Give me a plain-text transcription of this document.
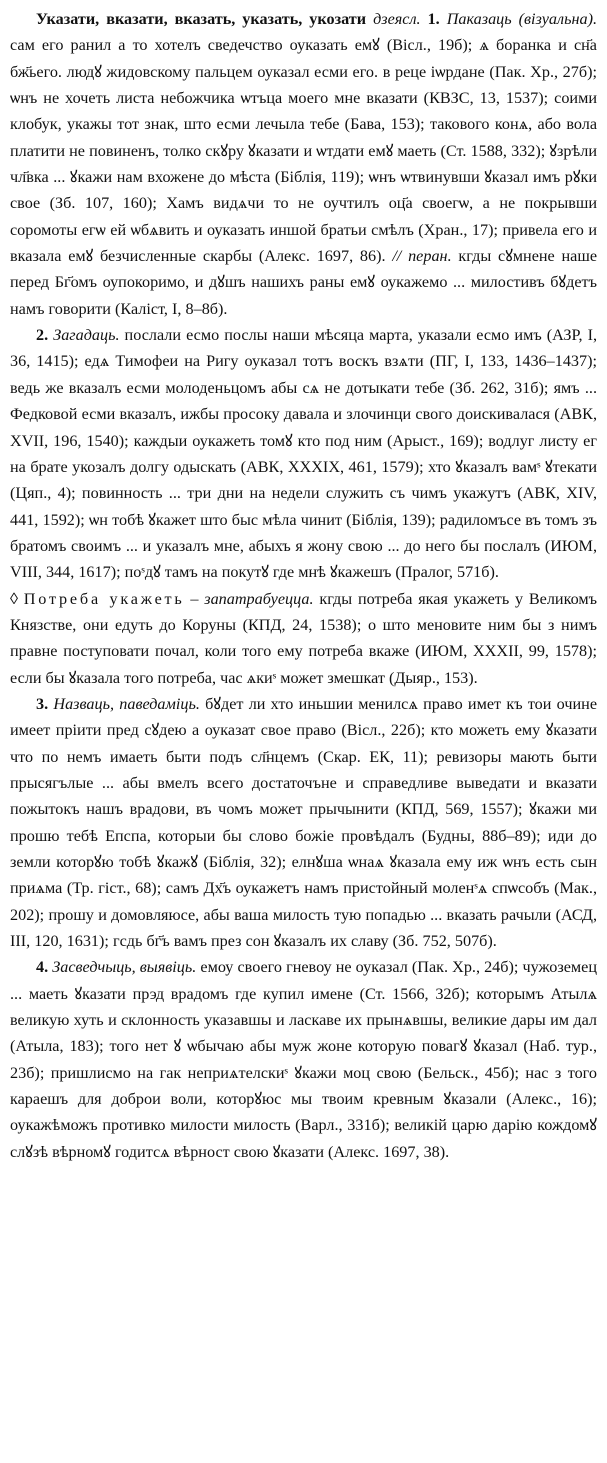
Указати, вказати, вказать, указать, укозати дзеясл. 1. Паказаць (візуальна). сам его ранил а то хотелъ сведечство оуказать емꙋ (Вісл., 19б); ѧ боранка и сн҃а бж҃ьего. людꙋ жидовскому пальцем оуказал есми его. в реце іѡрдане (Пак. Хр., 27б); ѡнъ не хочеть листа небожчика ѡтъца моего мне вказати (КВЗС, 13, 1537); соими клобук, укажы тот знак, што есми лечыла тебе (Бава, 153); такового конѧ, або вола платити не повиненъ, толко скꙋру ꙋказати и ѡтдати емꙋ маеть (Ст. 1588, 332); ꙋзрѣли чл҃вка ... ꙋкажи нам вхожене до мѣста (Біблія, 119); ѡнъ ѡтвинувши ꙋказал имъ рꙋки свое (Зб. 107, 160); Хамъ видѧчи то не оучтилъ оц҃а своегѡ, а не покрывши соромоты егѡ ей ѡбѧвить и оуказать иншой братьи смѣлъ (Хран., 17); привела его и вказала емꙋ безчисленные скарбы (Алекс. 1697, 86). // перан. кгды сꙋмнене наше перед Бг҃омъ оупокоримо, и дꙋшъ нашихъ раны емꙋ оукажемо ... милостивъ бꙋдетъ намъ говорити (Каліст, І, 8–8б).

2. Загадаць. послали есмо послы наши мѣсяца марта, указали есмо имъ (АЗР, І, 36, 1415); едѧ Тимофеи на Ригу оуказал тотъ воскъ взѧти (ПГ, І, 133, 1436–1437); ведь же вказалъ есми молоденьцомъ абы сѧ не дотыкати тебе (Зб. 262, 31б); ямъ ... Федковой есми вказалъ, ижбы просоку давала и злочинци свого доискивалася (АВК, XVII, 196, 1540); каждыи оукажеть томꙋ кто под ним (Арыст., 169); водлуг листу ег на брате укозалъ долгу одыскать (АВК, XXXIX, 461, 1579); хто ꙋказалъ вамˢ ꙋтекати (Цяп., 4); повинность ... три дни на недели служить съ чимъ укажутъ (АВК, XIV, 441, 1592); ѡн тобѣ ꙋкажет што быс мѣла чинит (Біблія, 139); радиломъсе въ томъ зъ братомъ своимъ ... и указалъ мне, абыхъ я жону свою ... до него бы послалъ (ИЮМ, VIII, 344, 1617); поˢдꙋ тамъ на покутꙋ где мнѣ ꙋкажешъ (Пралог, 571б).
◊ Потреба укажеть – запатрабуецца. кгды потреба якая укажеть у Великомъ Князстве, они едуть до Коруны (КПД, 24, 1538); о што меновите ним бы з нимъ правне поступовати почал, коли того ему потреба вкаже (ИЮМ, XXXII, 99, 1578); если бы ꙋказала того потреба, час ѧкиˢ может змешкат (Дыяр., 153).

3. Назваць, паведаміць. бꙋдет ли хто иньшии менилсѧ право имет къ тои очине имеет пріити пред сꙋдею а оуказат свое право (Вісл., 22б); кто можеть ему ꙋказати что по немъ имаеть быти подъ сл҃нцемъ (Скар. ЕК, 11); ревизоры мають быти прысягълые ... абы вмелъ всего достаточъне и справедливе выведати и вказати пожытокъ нашъ врадови, въ чомъ может прычынити (КПД, 569, 1557); ꙋкажи ми прошю тебѣ Епспа, которыи бы слово божіе провѣдалъ (Будны, 88б–89); иди до земли которꙋю тобѣ ꙋкажꙋ (Біблія, 32); елнꙋша ѡнаѧ ꙋказала ему иж ѡнъ есть сын приѧма (Тр. гіст., 68); самъ Дх҃ъ оукажетъ намъ пристойный моленˢѧ спѡсобъ (Мак., 202); прошу и домовляюсе, абы ваша милость тую попадью ... вказать рачыли (АСД, ІІІ, 120, 1631); гсдь бг҃ъ вамъ през сон ꙋказалъ их славу (Зб. 752, 507б).

4. Засведчыць, выявіць. емоу своего гневоу не оуказал (Пак. Хр., 24б); чужоземец ... маеть ꙋказати прэд врадомъ где купил имене (Ст. 1566, 32б); которымъ Атылѧ великую хуть и склонность указавшы и ласкаве их прынѧвшы, великие дары им дал (Атыла, 183); того нет ꙋ ѡбычаю абы муж жоне которую повагꙋ ꙋказал (Наб. тур., 23б); пришлисмо на гак неприѧтелскиˢ ꙋкажи моц свою (Бельск., 45б); нас з того караешъ для доброи воли, которꙋюс мы твоим кревным ꙋказали (Алекс., 16); оукажѣможъ противко милости милость (Варл., 331б); великій царю дарію кождомꙋ слꙋзѣ вѣрномꙋ годитсѧ вѣрност свою ꙋказати (Алекс. 1697, 38).
